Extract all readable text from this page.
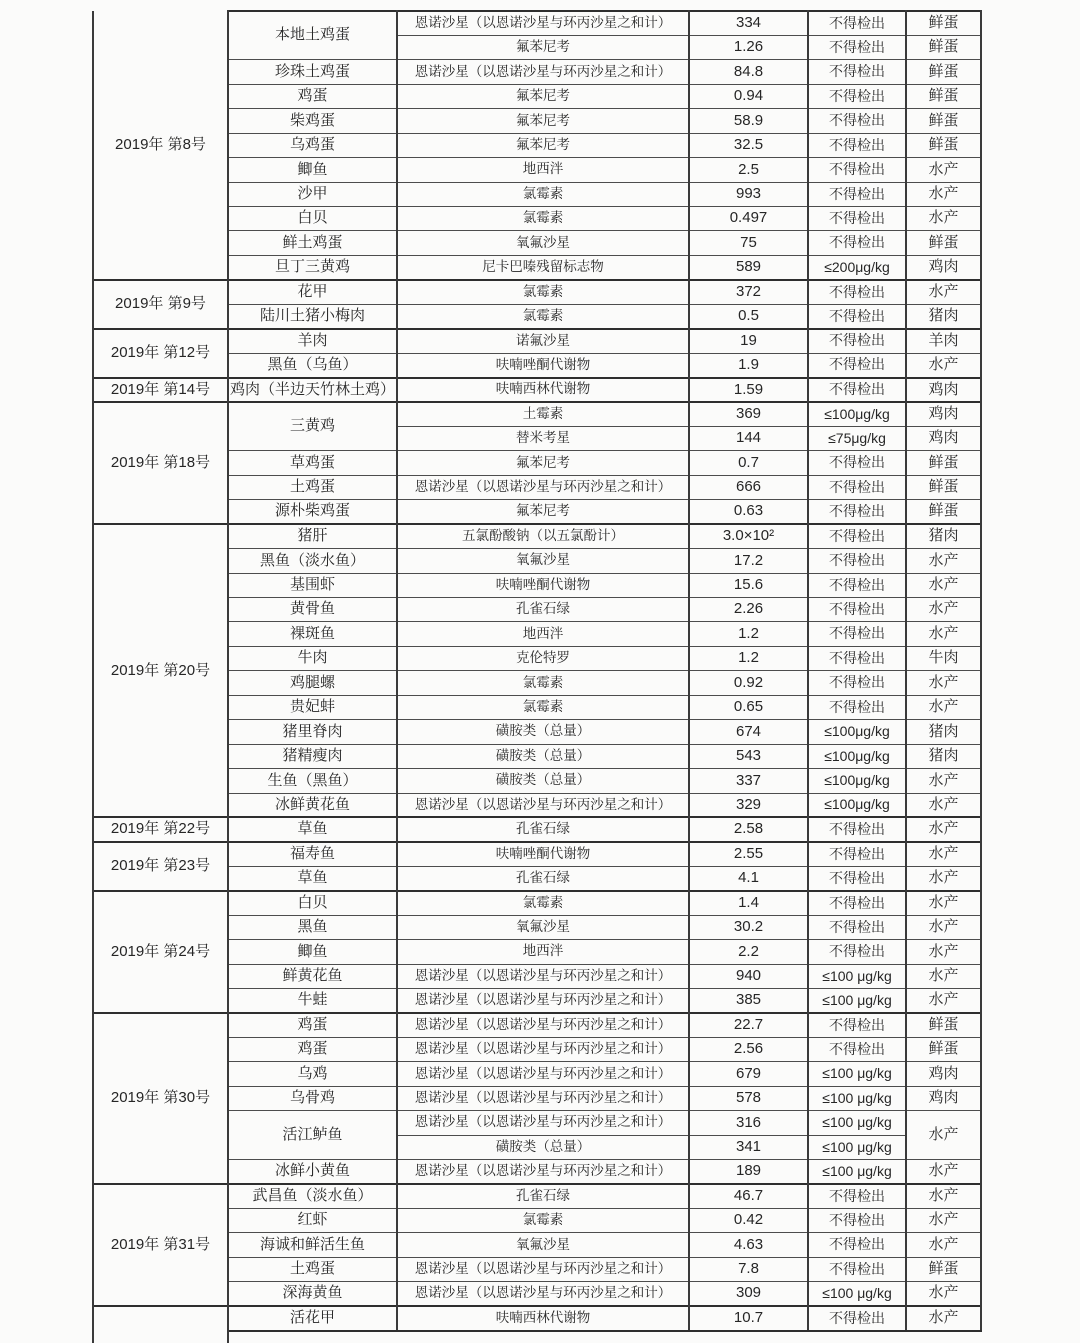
2019年 第8号	本地土鸡蛋	恩诺沙星（以恩诺沙星与环丙沙星之和计）	334	不得检出	鲜蛋
		氟苯尼考	1.26	不得检出	鲜蛋
	珍珠土鸡蛋	恩诺沙星（以恩诺沙星与环丙沙星之和计）	84.8	不得检出	鲜蛋
	鸡蛋	氟苯尼考	0.94	不得检出	鲜蛋
	柴鸡蛋	氟苯尼考	58.9	不得检出	鲜蛋
	乌鸡蛋	氟苯尼考	32.5	不得检出	鲜蛋
	鲫鱼	地西泮	2.5	不得检出	水产
	沙甲	氯霉素	993	不得检出	水产
	白贝	氯霉素	0.497	不得检出	水产
	鲜土鸡蛋	氧氟沙星	75	不得检出	鲜蛋
	旦丁三黄鸡	尼卡巴嗪残留标志物	589	≤200μg/kg	鸡肉
2019年 第9号	花甲	氯霉素	372	不得检出	水产
	陆川土猪小梅肉	氯霉素	0.5	不得检出	猪肉
2019年 第12号	羊肉	诺氟沙星	19	不得检出	羊肉
	黑鱼（乌鱼）	呋喃唑酮代谢物	1.9	不得检出	水产
2019年 第14号	鸡肉（半边天竹林土鸡）	呋喃西林代谢物	1.59	不得检出	鸡肉
2019年 第18号	三黄鸡	土霉素	369	≤100μg/kg	鸡肉
		替米考星	144	≤75μg/kg	鸡肉
	草鸡蛋	氟苯尼考	0.7	不得检出	鲜蛋
	土鸡蛋	恩诺沙星（以恩诺沙星与环丙沙星之和计）	666	不得检出	鲜蛋
	源朴柴鸡蛋	氟苯尼考	0.63	不得检出	鲜蛋
2019年 第20号	猪肝	五氯酚酸钠（以五氯酚计）	3.0×10²	不得检出	猪肉
	黑鱼（淡水鱼）	氧氟沙星	17.2	不得检出	水产
	基围虾	呋喃唑酮代谢物	15.6	不得检出	水产
	黄骨鱼	孔雀石绿	2.26	不得检出	水产
	裸斑鱼	地西泮	1.2	不得检出	水产
	牛肉	克伦特罗	1.2	不得检出	牛肉
	鸡腿螺	氯霉素	0.92	不得检出	水产
	贵妃蚌	氯霉素	0.65	不得检出	水产
	猪里脊肉	磺胺类（总量）	674	≤100μg/kg	猪肉
	猪精瘦肉	磺胺类（总量）	543	≤100μg/kg	猪肉
	生鱼（黑鱼）	磺胺类（总量）	337	≤100μg/kg	水产
	冰鲜黄花鱼	恩诺沙星（以恩诺沙星与环丙沙星之和计）	329	≤100μg/kg	水产
2019年 第22号	草鱼	孔雀石绿	2.58	不得检出	水产
2019年 第23号	福寿鱼	呋喃唑酮代谢物	2.55	不得检出	水产
	草鱼	孔雀石绿	4.1	不得检出	水产
2019年 第24号	白贝	氯霉素	1.4	不得检出	水产
	黑鱼	氧氟沙星	30.2	不得检出	水产
	鲫鱼	地西泮	2.2	不得检出	水产
	鲜黄花鱼	恩诺沙星（以恩诺沙星与环丙沙星之和计）	940	≤100 μg/kg	水产
	牛蛙	恩诺沙星（以恩诺沙星与环丙沙星之和计）	385	≤100 μg/kg	水产
2019年 第30号	鸡蛋	恩诺沙星（以恩诺沙星与环丙沙星之和计）	22.7	不得检出	鲜蛋
	鸡蛋	恩诺沙星（以恩诺沙星与环丙沙星之和计）	2.56	不得检出	鲜蛋
	乌鸡	恩诺沙星（以恩诺沙星与环丙沙星之和计）	679	≤100 μg/kg	鸡肉
	乌骨鸡	恩诺沙星（以恩诺沙星与环丙沙星之和计）	578	≤100 μg/kg	鸡肉
	活江鲈鱼	恩诺沙星（以恩诺沙星与环丙沙星之和计）	316	≤100 μg/kg	水产
		磺胺类（总量）	341	≤100 μg/kg	
	冰鲜小黄鱼	恩诺沙星（以恩诺沙星与环丙沙星之和计）	189	≤100 μg/kg	水产
2019年 第31号	武昌鱼（淡水鱼）	孔雀石绿	46.7	不得检出	水产
	红虾	氯霉素	0.42	不得检出	水产
	海诚和鲜活生鱼	氧氟沙星	4.63	不得检出	水产
	土鸡蛋	恩诺沙星（以恩诺沙星与环丙沙星之和计）	7.8	不得检出	鲜蛋
	深海黄鱼	恩诺沙星（以恩诺沙星与环丙沙星之和计）	309	≤100 μg/kg	水产
	活花甲	呋喃西林代谢物	10.7	不得检出	水产
